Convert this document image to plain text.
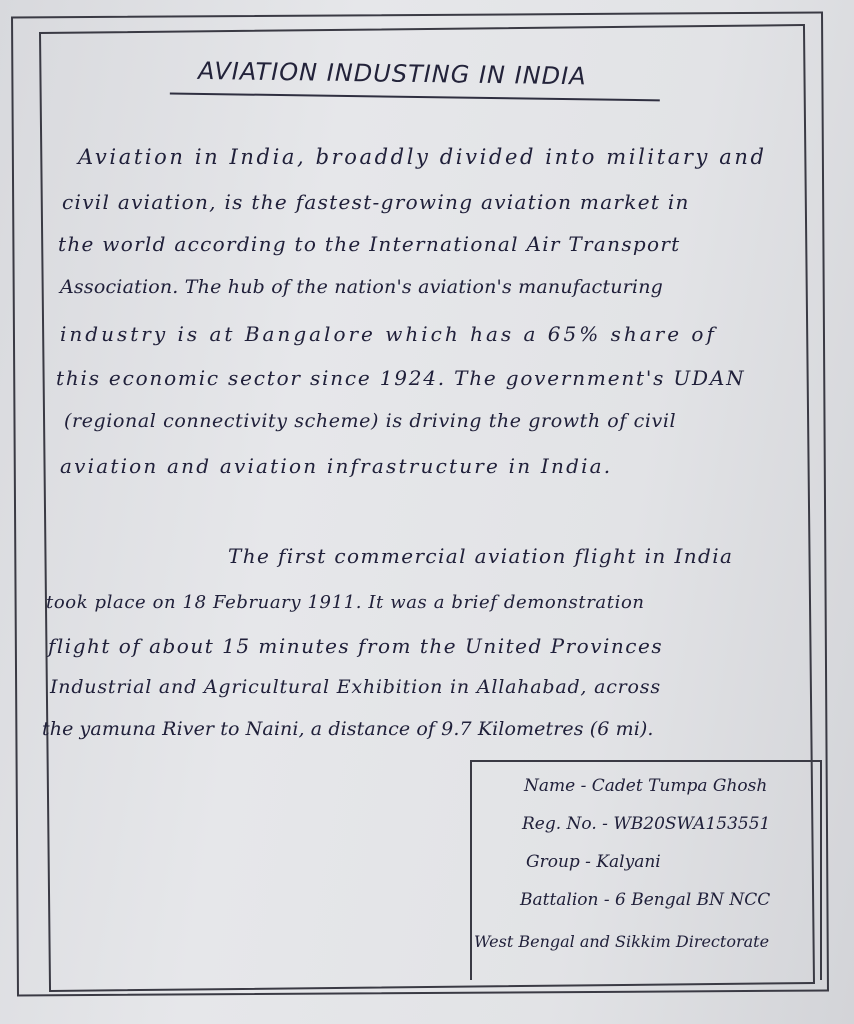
AVIATION INDUSTING IN INDIA
Aviation in India, broaddly divided into military and
civil aviation, is the fastest-growing aviation market in
the world according to the International Air Transport
Association. The hub of the nation's aviation's manufacturing
industry is at Bangalore which has a 65% share of
this economic sector since 1924. The government's UDAN
(regional connectivity scheme) is driving the growth of civil
aviation and aviation infrastructure in India.
The first commercial aviation flight in India
took place on 18 February 1911. It was a brief demonstration
flight of about 15 minutes from the United Provinces
Industrial and Agricultural Exhibition in Allahabad, across
the yamuna River to Naini, a distance of 9.7 Kilometres (6 mi).
Name - Cadet Tumpa Ghosh
Reg. No. - WB20SWA153551
Group - Kalyani
Battalion - 6 Bengal BN NCC
West Bengal and Sikkim Directorate
